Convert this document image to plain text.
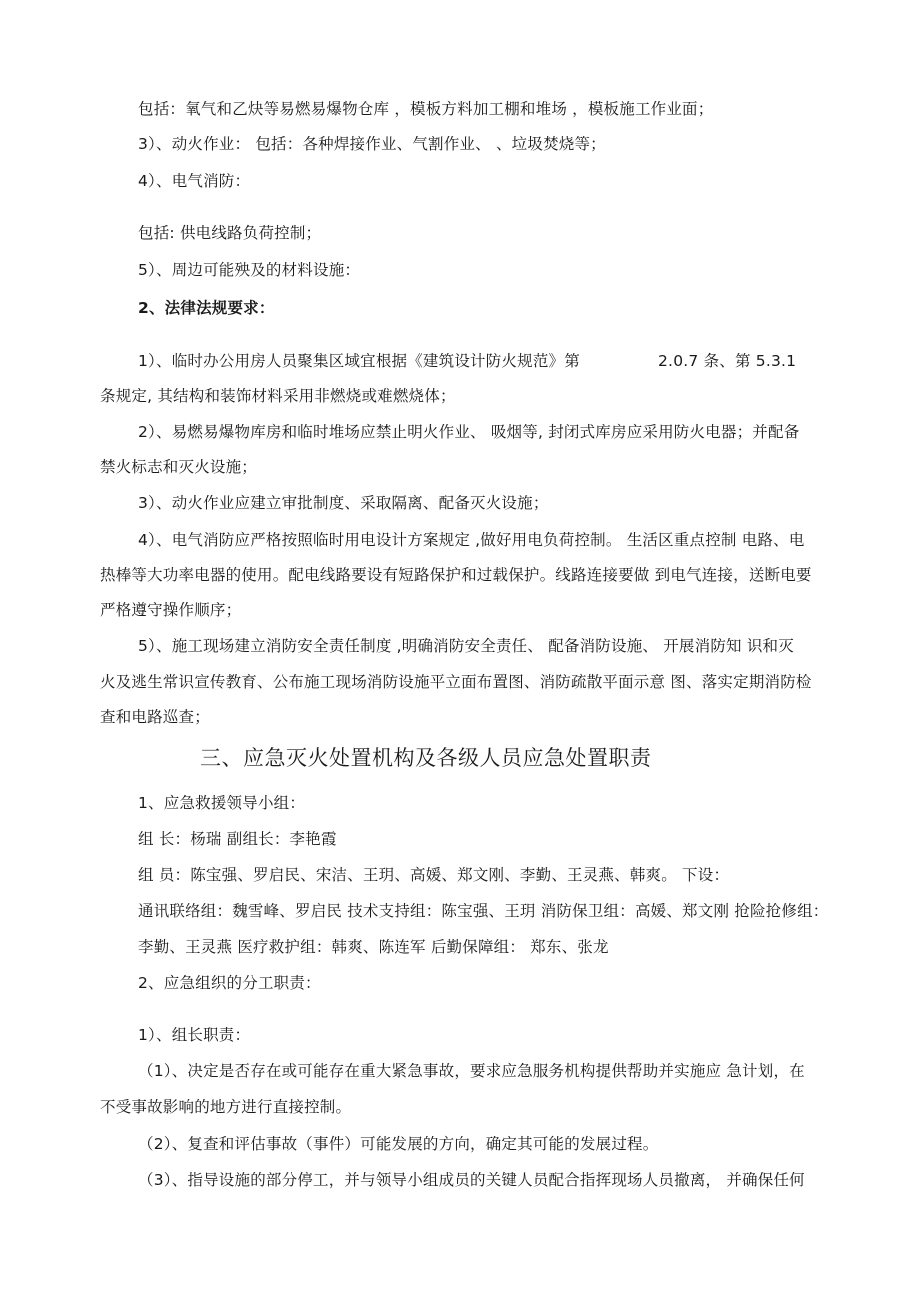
包括：氧气和乙炔等易燃易爆物仓库 ，模板方料加工棚和堆场 ，模板施工作业面；
3）、动火作业： 包括：各种焊接作业、气割作业、 、垃圾焚烧等；
4）、电气消防：
包括: 供电线路负荷控制；
5）、周边可能殃及的材料设施：
2、法律法规要求：
1）、临时办公用房人员聚集区域宜根据《建筑设计防火规范》第	2.0.7 条、第 5.3.1
条规定, 其结构和装饰材料采用非燃烧或难燃烧体；
2）、易燃易爆物库房和临时堆场应禁止明火作业、 吸烟等, 封闭式库房应采用防火电器；并配备
禁火标志和灭火设施；
3）、动火作业应建立审批制度、采取隔离、配备灭火设施；
4）、电气消防应严格按照临时用电设计方案规定 ,做好用电负荷控制。 生活区重点控制 电路、电
热棒等大功率电器的使用。配电线路要设有短路保护和过载保护。线路连接要做 到电气连接，送断电要
严格遵守操作顺序；
5）、施工现场建立消防安全责任制度 ,明确消防安全责任、 配备消防设施、 开展消防知 识和灭
火及逃生常识宣传教育、公布施工现场消防设施平立面布置图、消防疏散平面示意 图、落实定期消防检
查和电路巡查；
三、应急灭火处置机构及各级人员应急处置职责
1、应急救援领导小组：
组 长：杨瑞 副组长：李艳霞
组 员：陈宝强、罗启民、宋洁、王玥、高媛、郑文刚、李勤、王灵燕、韩爽。 下设：
通讯联络组：魏雪峰、罗启民 技术支持组：陈宝强、王玥 消防保卫组：高媛、郑文刚 抢险抢修组：
李勤、王灵燕 医疗救护组：韩爽、陈连军 后勤保障组： 郑东、张龙
2、应急组织的分工职责：
1）、组长职责：
（1）、决定是否存在或可能存在重大紧急事故，要求应急服务机构提供帮助并实施应 急计划，在
不受事故影响的地方进行直接控制。
（2）、复查和评估事故（事件）可能发展的方向，确定其可能的发展过程。
（3）、指导设施的部分停工，并与领导小组成员的关键人员配合指挥现场人员撤离， 并确保任何
